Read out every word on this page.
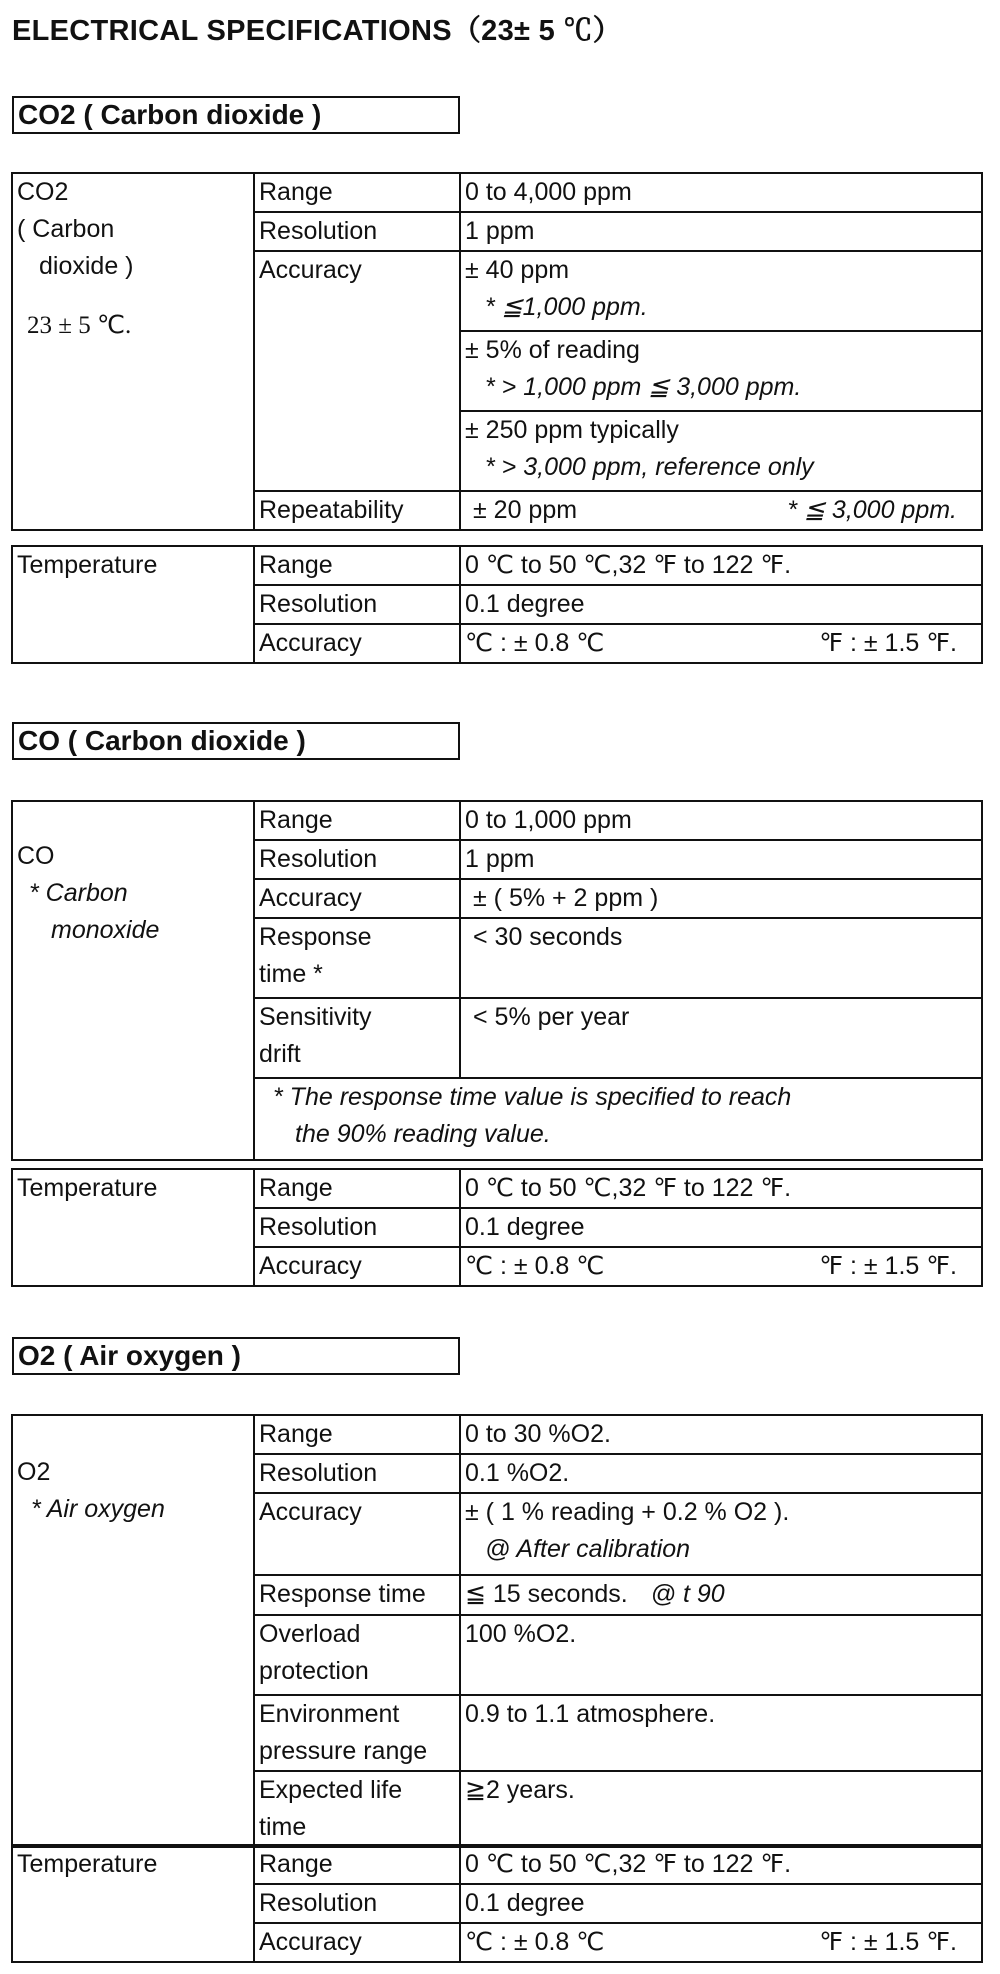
ELECTRICAL SPECIFICATIONS（23± 5 ℃）
CO2 ( Carbon dioxide )
CO2
( Carbon
dioxide )
23 ± 5 ℃.	Range	0 to 4,000 ppm
	Resolution	1 ppm
	Accuracy	± 40 ppm
* ≦1,000 ppm.

		± 5% of reading
* > 1,000 ppm ≦ 3,000 ppm.

		± 250 ppm typically
* > 3,000 ppm, reference only

	Repeatability	± 20 ppm * ≦ 3,000 ppm.
Temperature	Range	0 ℃ to 50 ℃,32 ℉ to 122 ℉.
	Resolution	0.1 degree
	Accuracy	℃ : ± 0.8 ℃ ℉ : ± 1.5 ℉.
CO ( Carbon dioxide )
CO
* Carbon
monoxide	Range	0 to 1,000 ppm
	Resolution	1 ppm
	Accuracy	± ( 5% + 2 ppm )

	Response
time *	< 30 seconds

	Sensitivity
drift	< 5% per year

	* The response time value is specified to reach
the 90% reading value.	
Temperature	Range	0 ℃ to 50 ℃,32 ℉ to 122 ℉.
	Resolution	0.1 degree
	Accuracy	℃ : ± 0.8 ℃ ℉ : ± 1.5 ℉.
O2 ( Air oxygen )
O2
* Air oxygen	Range	0 to 30 %O2.
	Resolution	0.1 %O2.
	Accuracy	± ( 1 % reading + 0.2 % O2 ).
@ After calibration

	Response time	≦ 15 seconds. @ t 90

	Overload
protection	100 %O2.

	Environment
pressure range	0.9 to 1.1 atmosphere.

	Expected life
time	≧2 years.
Temperature	Range	0 ℃ to 50 ℃,32 ℉ to 122 ℉.
	Resolution	0.1 degree
	Accuracy	℃ : ± 0.8 ℃ ℉ : ± 1.5 ℉.
